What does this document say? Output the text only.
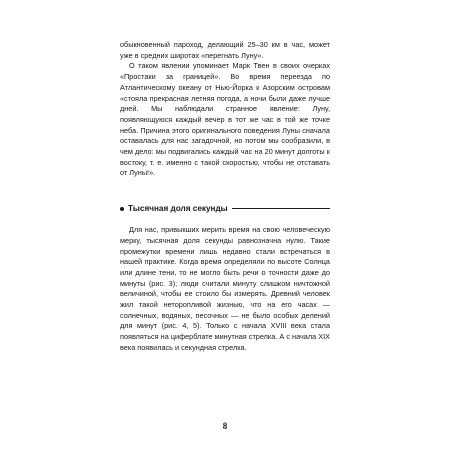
обыкновенный пароход, делающий 25–30 км в час, может уже в средних широтах «перегнать Луну».

О таком явлении упоминает Марк Твен в своих очерках «Простаки за границей». Во время переезда по Атлантическому океану от Нью-Йорка к Азорским островам «стояла прекрасная летняя погода, а ночи были даже лучше дней. Мы наблюдали странное явление: Луну, появляющуюся каждый вечер в тот же час в той же точке неба. Причина этого оригинального поведения Луны сначала оставалась для нас загадочной, но потом мы сообразили, в чем дело: мы подвигались каждый час на 20 минут долготы к востоку, т. е. именно с такой скоростью, чтобы не отставать от Луны!».

Тысячная доля секунды

Для нас, привыкших мерить время на свою человеческую мерку, тысячная доля секунды равнозначна нулю. Такие промежутки времени лишь недавно стали встречаться в нашей практике. Когда время определяли по высоте Солнца или длине тени, то не могло быть речи о точности даже до минуты (рис. 3); люди считали минуту слишком ничтожной величиной, чтобы ее стоило бы измерять. Древний человек жил такой неторопливой жизнью, что на его часах — солнечных, водяных, песочных — не было особых делений для минут (рис. 4, 5). Только с начала XVIII века стала появляться на циферблате минутная стрелка. А с начала XIX века появилась и секундная стрелка.

8
